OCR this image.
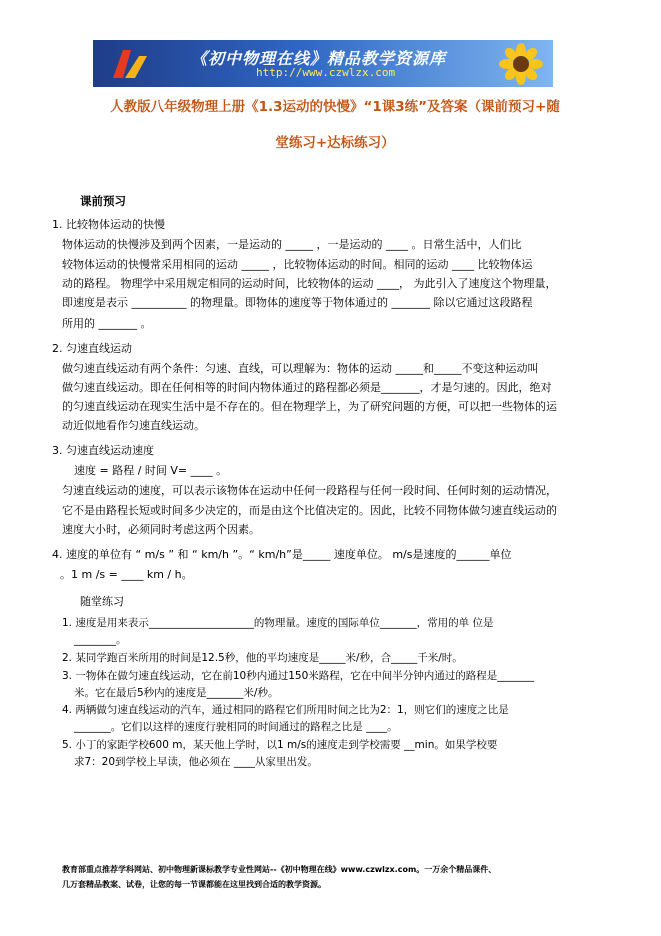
《初中物理在线》精品教学资源库
http://www.czwlzx.com
人教版八年级物理上册《1.3运动的快慢》“1课3练”及答案（课前预习+随
堂练习+达标练习）
课前预习
1. 比较物体运动的快慢
物体运动的快慢涉及到两个因素，一是运动的 _____ ，一是运动的 ____ 。日常生活中，人们比
较物体运动的快慢常采用相同的运动 _____ ，比较物体运动的时间。相同的运动 ____ 比较物体运
动的路程。 物理学中采用规定相同的运动时间，比较物体的运动 ____， 为此引入了速度这个物理量，
即速度是表示 __________ 的物理量。即物体的速度等于物体通过的 _______ 除以它通过这段路程
所用的 _______ 。
2. 匀速直线运动
做匀速直线运动有两个条件：匀速、直线，可以理解为：物体的运动 _____和_____不变这种运动叫
做匀速直线运动。即在任何相等的时间内物体通过的路程都必须是_______，才是匀速的。因此，绝对
的匀速直线运动在现实生活中是不存在的。但在物理学上，为了研究问题的方便，可以把一些物体的运
动近似地看作匀速直线运动。
3. 匀速直线运动速度
速度 = 路程 / 时间 V= ____ 。
匀速直线运动的速度，可以表示该物体在运动中任何一段路程与任何一段时间、任何时刻的运动情况，
它不是由路程长短或时间多少决定的，而是由这个比值决定的。因此，比较不同物体做匀速直线运动的
速度大小时，必须同时考虑这两个因素。
4. 速度的单位有 “ m/s ” 和 “ km/h ”。“ km/h”是_____ 速度单位。 m/s是速度的______单位
。1 m /s = ____ km / h。
随堂练习
1. 速度是用来表示____________________的物理量。速度的国际单位_______，常用的单 位是
________。
2. 某同学跑百米所用的时间是12.5秒，他的平均速度是_____米/秒，合_____千米/时。
3. 一物体在做匀速直线运动，它在前10秒内通过150米路程，它在中间半分钟内通过的路程是_______
米。它在最后5秒内的速度是_______米/秒。
4. 两辆做匀速直线运动的汽车，通过相同的路程它们所用时间之比为2：1，则它们的速度之比是
_______。它们以这样的速度行驶相同的时间通过的路程之比是 ____。
5. 小丁的家距学校600 m，某天他上学时，以1 m/s的速度走到学校需要 __min。如果学校要
求7：20到学校上早读，他必须在 ____从家里出发。
教育部重点推荐学科网站、初中物理新课标教学专业性网站--《初中物理在线》www.czwlzx.com。一万余个精品课件、
几万套精品教案、试卷，让您的每一节课都能在这里找到合适的教学资源。
